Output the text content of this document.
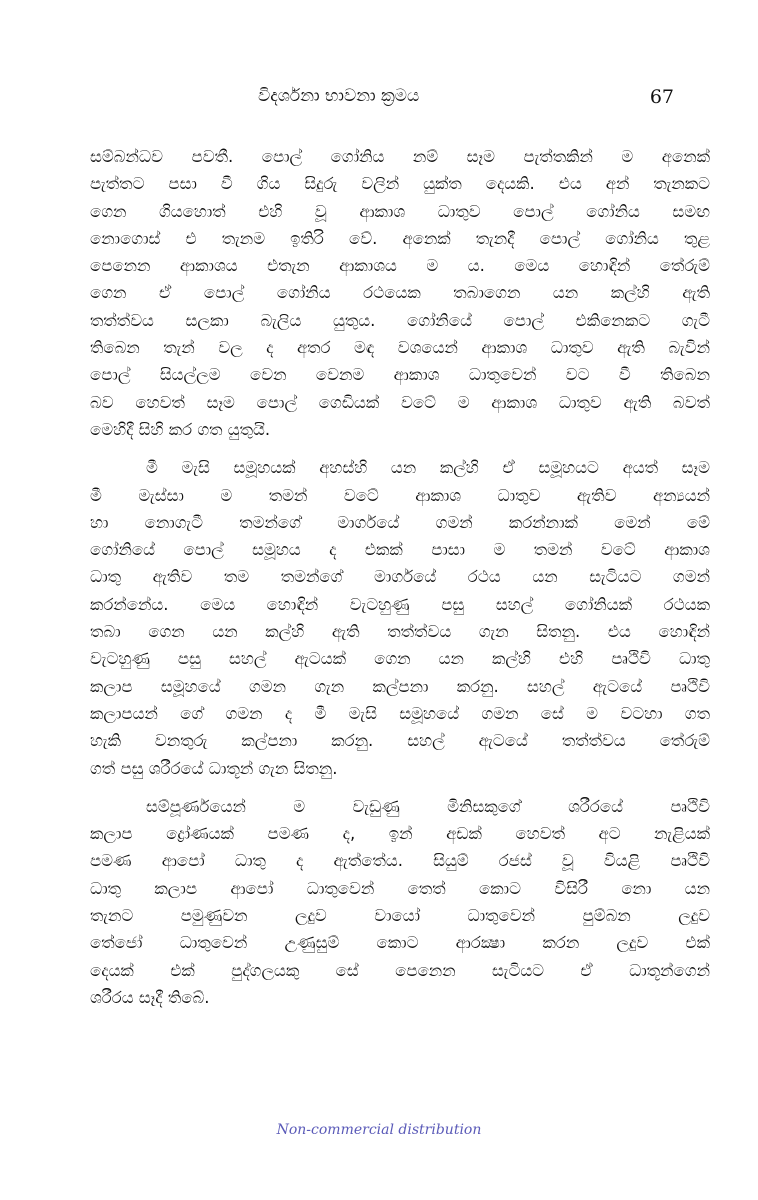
විදර්ශනා භාවනා ක්‍රමය	67
සම්බන්ධව පවතී. පොල් ගෝනිය නම් සෑම පැත්තකින් ම අනෙක්
පැත්තට පසා වී ගිය සිදුරු වලින් යුක්ත දෙයකි. එය අන් තැනකට
ගෙන ගියහොත් එහි වූ ආකාශ ධාතුව පොල් ගෝනිය සමඟ
නොගොස් එ තැනම ඉතිරි වේ. අනෙක් තැනදී පොල් ගෝනිය තුළ
පෙනෙන ආකාශය එතැන ආකාශය ම ය. මෙය හොඳින් තේරුම්
ගෙන ඒ පොල් ගෝනිය රථයෙක තබාගෙන යන කල්හි ඇති
තත්ත්වය සලකා බැලිය යුතුය. ගෝනියේ පොල් එකිනෙකට ගැටී
තිබෙන තැන් වල ද අතර මඳ වශයෙන් ආකාශ ධාතුව ඇති බැවින්
පොල් සියල්ලම වෙන වෙනම ආකාශ ධාතුවෙන් වට වී තිබෙන
බව හෙවත් සෑම පොල් ගෙඩියක් වටේ ම ආකාශ ධාතුව ඇති බවත්
මෙහිදී සිහි කර ගත යුතුයි.
මී මැසි සමූහයක් අහස්හි යන කල්හි ඒ සමූහයට අයත් සෑම
මී මැස්සා ම තමන් වටේ ආකාශ ධාතුව ඇතිව අන්‍යයන්
හා නොගැටී තමන්ගේ මාර්ගයේ ගමන් කරන්නාක් මෙන් මේ
ගෝනියේ පොල් සමූහය ද එකක් පාසා ම තමන් වටේ ආකාශ
ධාතු ඇතිව තම තමන්ගේ මාර්ගයේ රථය යන සැටියට ගමන්
කරන්නේය. මෙය හොඳින් වැටහුණු පසු සහල් ගෝනියක් රථයක
තබා ගෙන යන කල්හි ඇති තත්ත්වය ගැන සිතනු. එය හොඳින්
වැටහුණු පසු සහල් ඇටයක් ගෙන යන කල්හි එහි පෘථිවි ධාතු
කලාප සමූහයේ ගමන ගැන කල්පනා කරනු. සහල් ඇටයේ පෘථිවි
කලාපයන් ගේ ගමන ද මී මැසි සමූහයේ ගමන සේ ම වටහා ගත
හැකි වනතුරු කල්පනා කරනු. සහල් ඇටයේ තත්ත්වය තේරුම්
ගත් පසු ශරීරයේ ධාතූන් ගැන සිතනු.
සම්පූර්ණයෙන් ම වැඩුණු මිනිසකුගේ ශරීරයේ පෘථිවි
කලාප ද්‍රෝණයක් පමණ ද, ඉන් අඩක් හෙවත් අට නැළියක්
පමණ ආපෝ ධාතු ද ඇත්තේය. සියුම් රජස් වූ වියළි පෘථිවි
ධාතු කලාප ආපෝ ධාතුවෙන් තෙත් කොට විසිරී නො යන
තැනට පමුණුවන ලදුව වායෝ ධාතුවෙන් පුම්බන ලදුව
තේජෝ ධාතුවෙන් උණුසුම් කොට ආරක්‍ෂා කරන ලදුව එක්
දෙයක් එක් පුද්ගලයකු සේ පෙනෙන සැටියට ඒ ධාතූන්ගෙන්
ශරීරය සෑදී තිබේ.
Non-commercial distribution
